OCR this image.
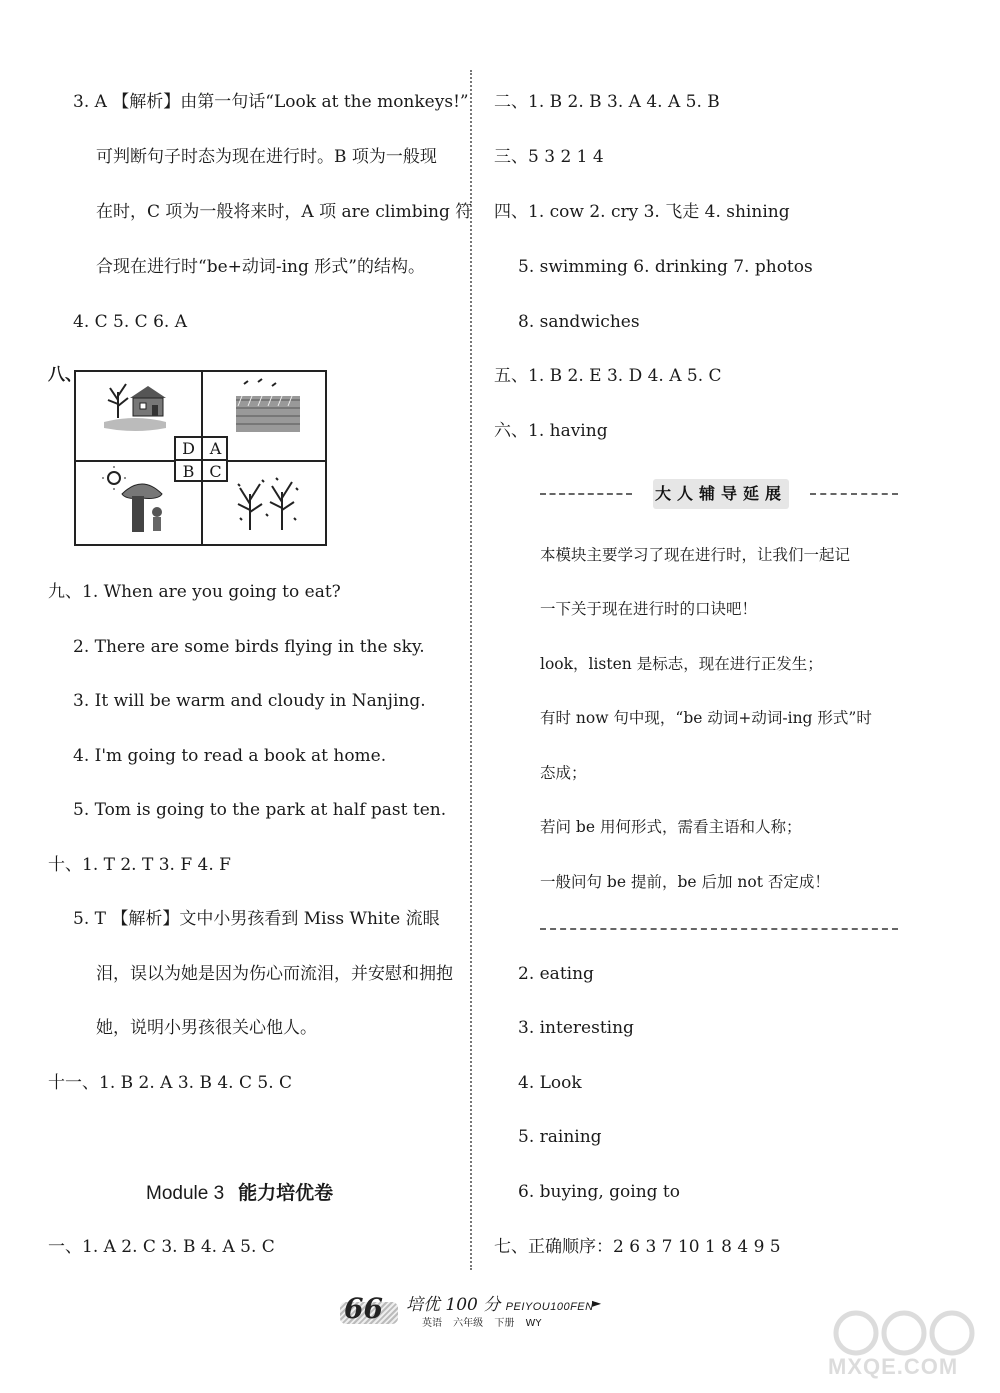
3. A 【解析】由第一句话“Look at the monkeys!”
可判断句子时态为现在进行时。B 项为一般现
在时，C 项为一般将来时，A 项 are climbing 符
合现在进行时“be+动词-ing 形式”的结构。
4. C 5. C 6. A
八、
D A
B C
九、1. When are you going to eat?
2. There are some birds flying in the sky.
3. It will be warm and cloudy in Nanjing.
4. I'm going to read a book at home.
5. Tom is going to the park at half past ten.
十、1. T 2. T 3. F 4. F
5. T 【解析】文中小男孩看到 Miss White 流眼
泪，误以为她是因为伤心而流泪，并安慰和拥抱
她，说明小男孩很关心他人。
十一、1. B 2. A 3. B 4. C 5. C
Module 3 能力培优卷
一、1. A 2. C 3. B 4. A 5. C
二、1. B 2. B 3. A 4. A 5. B
三、5 3 2 1 4
四、1. cow 2. cry 3. 飞走 4. shining
5. swimming 6. drinking 7. photos
8. sandwiches
五、1. B 2. E 3. D 4. A 5. C
六、1. having
大人辅导延展
本模块主要学习了现在进行时，让我们一起记
一下关于现在进行时的口诀吧！
look，listen 是标志，现在进行正发生；
有时 now 句中现，“be 动词+动词-ing 形式”时
态成；
若问 be 用何形式，需看主语和人称；
一般问句 be 提前，be 后加 not 否定成！
2. eating
3. interesting
4. Look
5. raining
6. buying, going to
七、正确顺序：2 6 3 7 10 1 8 4 9 5
66 培优 100 分 PEIYOU100FEN
英语 六年级 下册 WY
►
MXQE.COM
